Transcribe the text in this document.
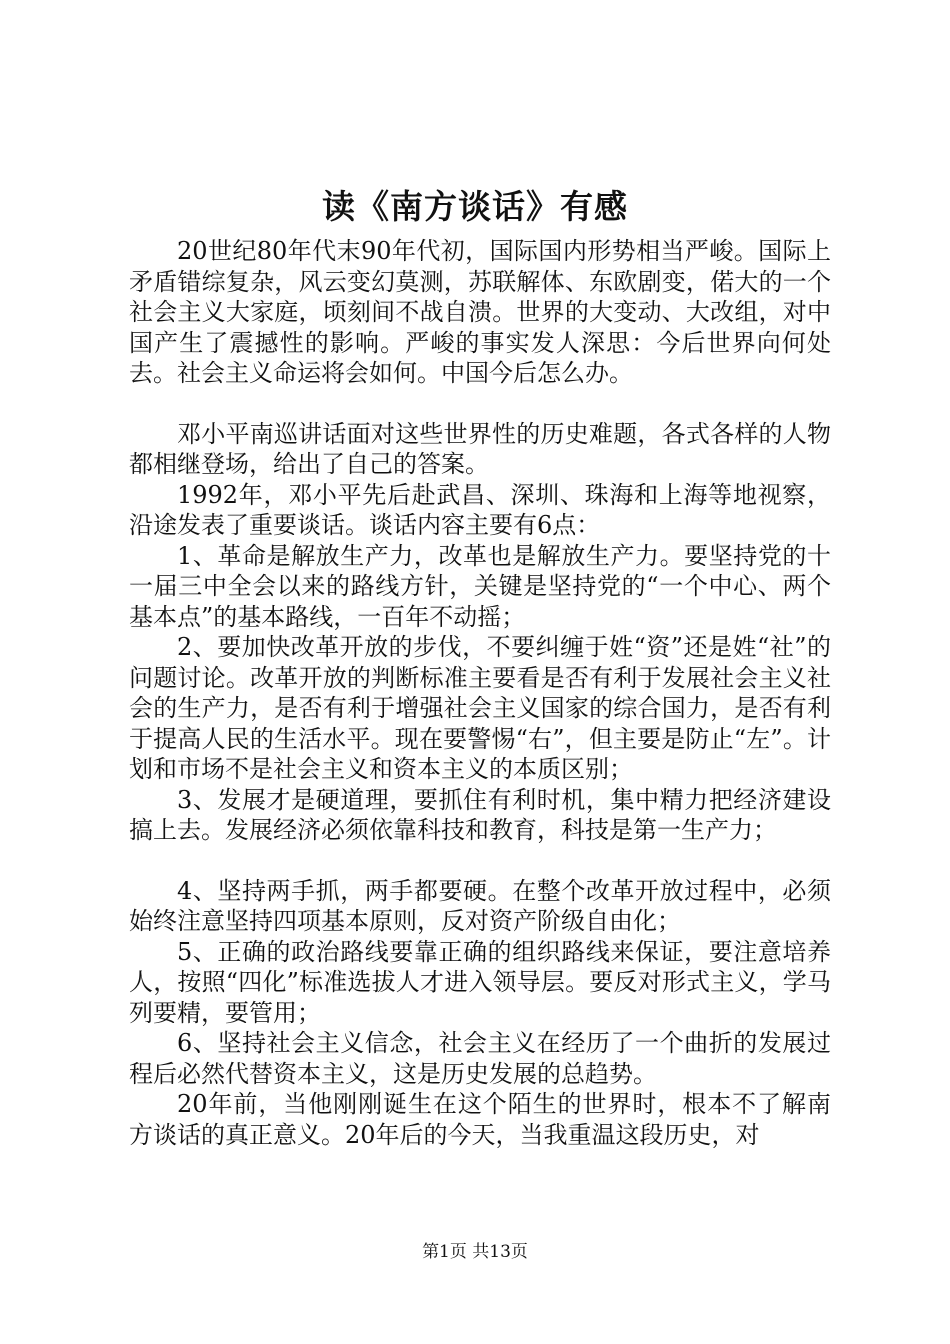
读《南方谈话》有感

20世纪80年代末90年代初，国际国内形势相当严峻。国际上矛盾错综复杂，风云变幻莫测，苏联解体、东欧剧变，偌大的一个社会主义大家庭，顷刻间不战自溃。世界的大变动、大改组，对中国产生了震撼性的影响。严峻的事实发人深思：今后世界向何处去。社会主义命运将会如何。中国今后怎么办。

邓小平南巡讲话面对这些世界性的历史难题，各式各样的人物都相继登场，给出了自己的答案。

1992年，邓小平先后赴武昌、深圳、珠海和上海等地视察，沿途发表了重要谈话。谈话内容主要有6点：

1、革命是解放生产力，改革也是解放生产力。要坚持党的十一届三中全会以来的路线方针，关键是坚持党的“一个中心、两个基本点”的基本路线，一百年不动摇；

2、要加快改革开放的步伐，不要纠缠于姓“资”还是姓“社”的问题讨论。改革开放的判断标准主要看是否有利于发展社会主义社会的生产力，是否有利于增强社会主义国家的综合国力，是否有利于提高人民的生活水平。现在要警惕“右”，但主要是防止“左”。计划和市场不是社会主义和资本主义的本质区别；

3、发展才是硬道理，要抓住有利时机，集中精力把经济建设搞上去。发展经济必须依靠科技和教育，科技是第一生产力；

4、坚持两手抓，两手都要硬。在整个改革开放过程中，必须始终注意坚持四项基本原则，反对资产阶级自由化；

5、正确的政治路线要靠正确的组织路线来保证，要注意培养人，按照“四化”标准选拔人才进入领导层。要反对形式主义，学马列要精，要管用；

6、坚持社会主义信念，社会主义在经历了一个曲折的发展过程后必然代替资本主义，这是历史发展的总趋势。

20年前，当他刚刚诞生在这个陌生的世界时，根本不了解南方谈话的真正意义。20年后的今天，当我重温这段历史，对

第1页 共13页
